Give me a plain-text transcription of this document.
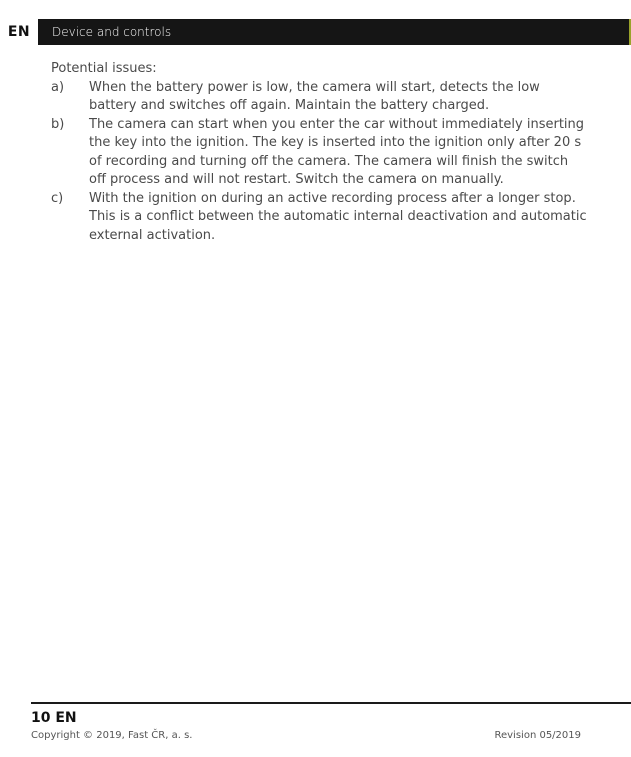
EN	Device and controls
Potential issues:
a)	When the battery power is low, the camera will start, detects the low battery and switches off again. Maintain the battery charged.
b)	The camera can start when you enter the car without immediately inserting the key into the ignition. The key is inserted into the ignition only after 20 s of recording and turning off the camera. The camera will finish the switch off process and will not restart. Switch the camera on manually.
c)	With the ignition on during an active recording process after a longer stop. This is a conflict between the automatic internal deactivation and automatic external activation.
10 EN
Copyright © 2019, Fast ČR, a. s.	Revision 05/2019
